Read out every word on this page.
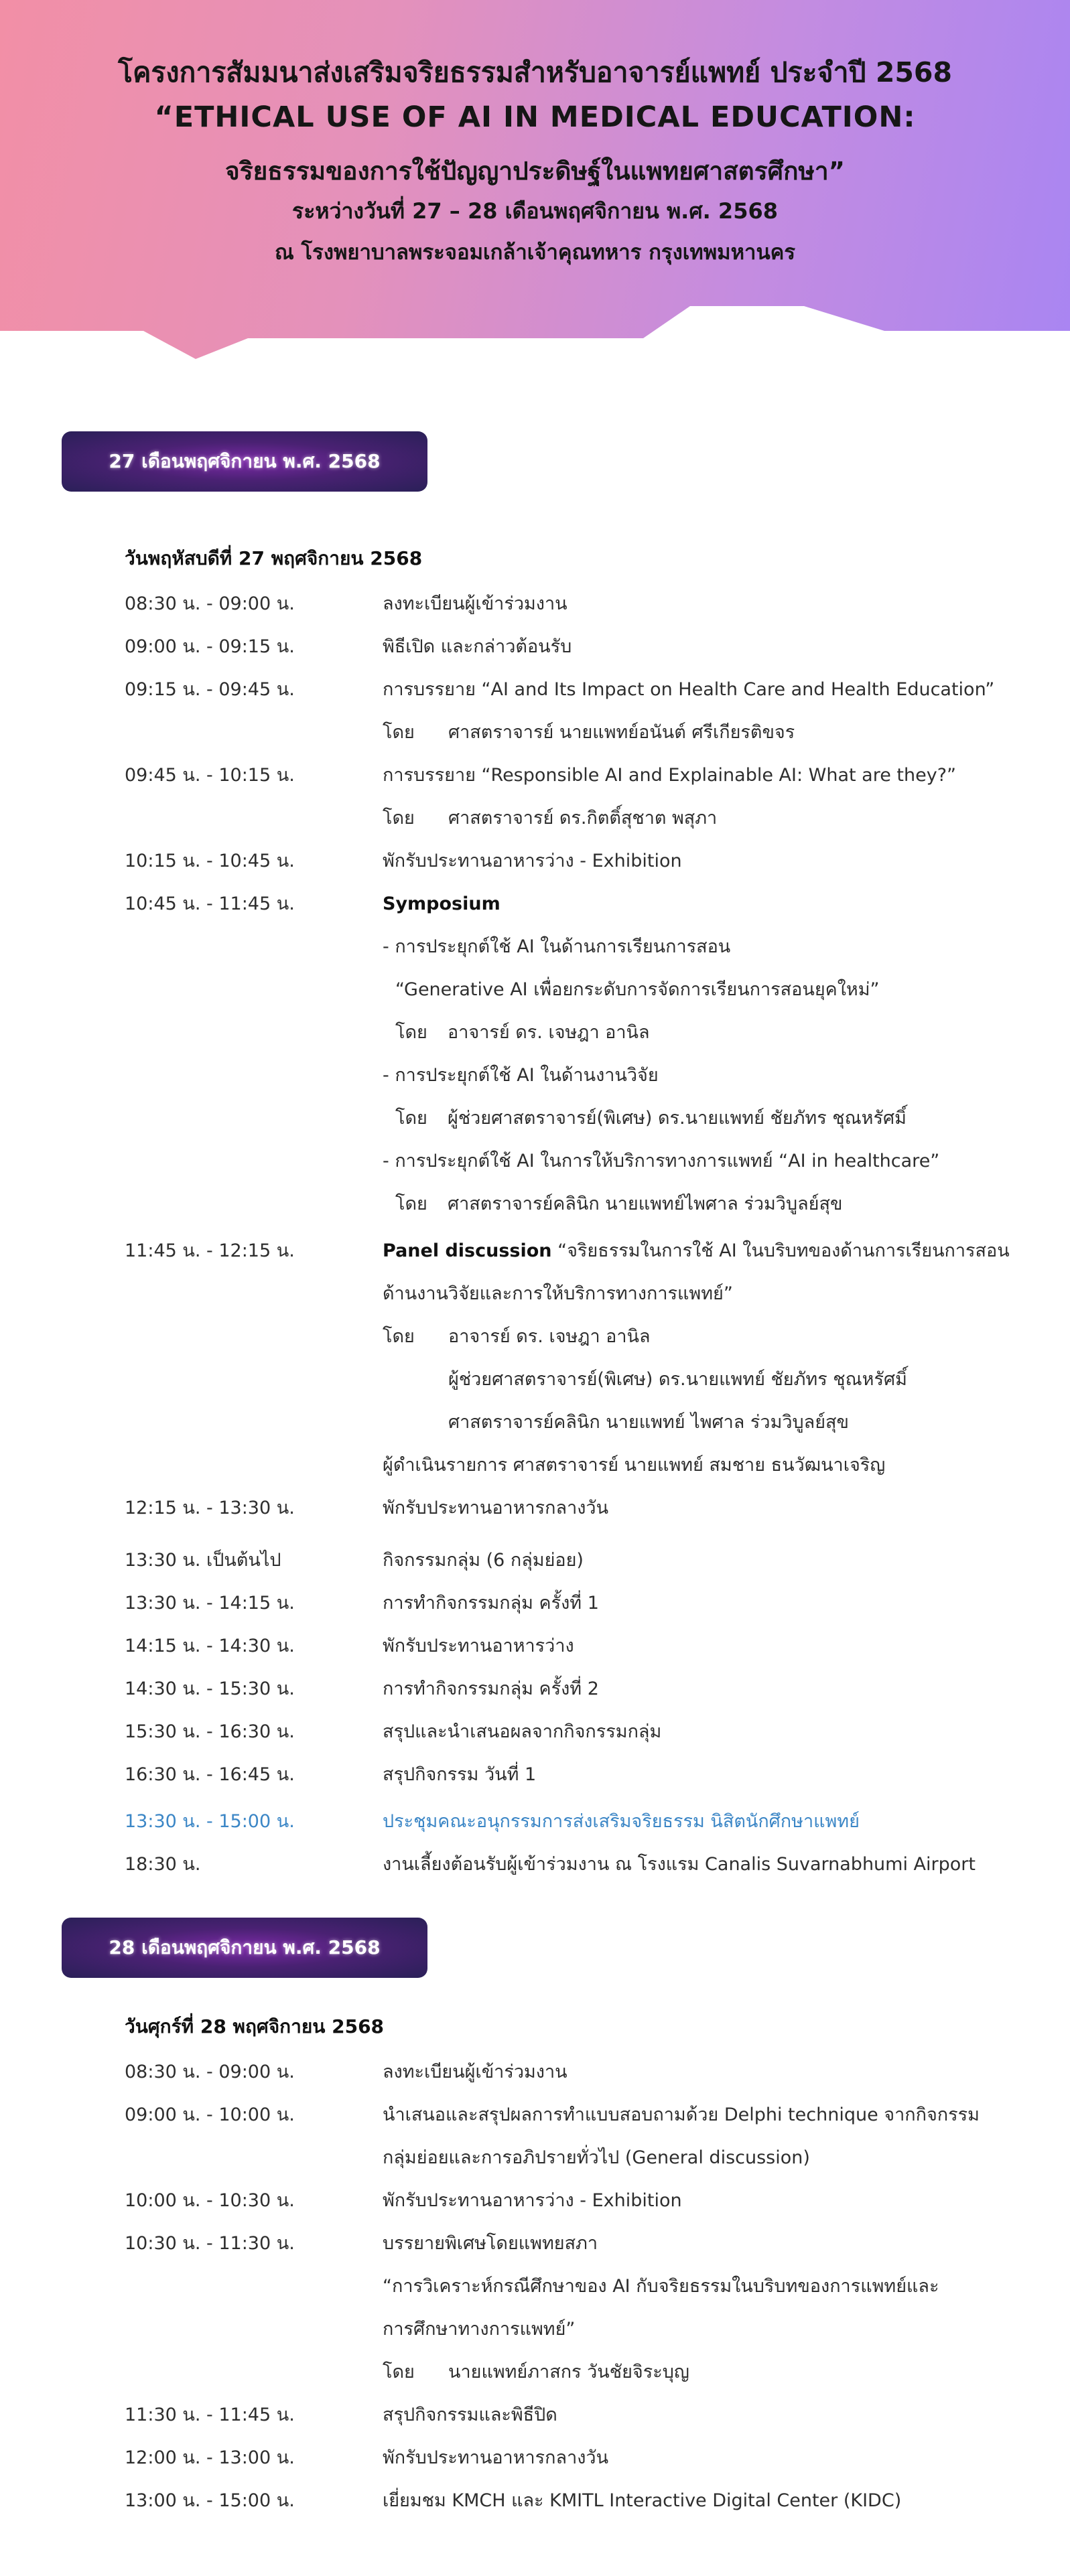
โครงการสัมมนาส่งเสริมจริยธรรมสำหรับอาจารย์แพทย์ ประจำปี 2568
“ETHICAL USE OF AI IN MEDICAL EDUCATION:
จริยธรรมของการใช้ปัญญาประดิษฐ์ในแพทยศาสตรศึกษา”
ระหว่างวันที่ 27 – 28 เดือนพฤศจิกายน พ.ศ. 2568
ณ โรงพยาบาลพระจอมเกล้าเจ้าคุณทหาร กรุงเทพมหานคร
27 เดือนพฤศจิกายน พ.ศ. 2568
วันพฤหัสบดีที่ 27 พฤศจิกายน 2568
08:30 น. - 09:00 น.	ลงทะเบียนผู้เข้าร่วมงาน
09:00 น. - 09:15 น.	พิธีเปิด และกล่าวต้อนรับ
09:15 น. - 09:45 น.	การบรรยาย “AI and Its Impact on Health Care and Health Education”
โดย ศาสตราจารย์ นายแพทย์อนันต์ ศรีเกียรติขจร
09:45 น. - 10:15 น.	การบรรยาย “Responsible AI and Explainable AI: What are they?”
โดย ศาสตราจารย์ ดร.กิตติ์สุชาต พสุภา
10:15 น. - 10:45 น.	พักรับประทานอาหารว่าง - Exhibition
10:45 น. - 11:45 น.	Symposium
- การประยุกต์ใช้ AI ในด้านการเรียนการสอน
“Generative AI เพื่อยกระดับการจัดการเรียนการสอนยุคใหม่”
โดย อาจารย์ ดร. เจษฎา อานิล
- การประยุกต์ใช้ AI ในด้านงานวิจัย
โดย ผู้ช่วยศาสตราจารย์(พิเศษ) ดร.นายแพทย์ ชัยภัทร ชุณหรัศมิ์
- การประยุกต์ใช้ AI ในการให้บริการทางการแพทย์ “AI in healthcare”
โดย ศาสตราจารย์คลินิก นายแพทย์ไพศาล ร่วมวิบูลย์สุข
11:45 น. - 12:15 น.	Panel discussion “จริยธรรมในการใช้ AI ในบริบทของด้านการเรียนการสอน
ด้านงานวิจัยและการให้บริการทางการแพทย์”
โดย อาจารย์ ดร. เจษฎา อานิล
ผู้ช่วยศาสตราจารย์(พิเศษ) ดร.นายแพทย์ ชัยภัทร ชุณหรัศมิ์
ศาสตราจารย์คลินิก นายแพทย์ ไพศาล ร่วมวิบูลย์สุข
ผู้ดำเนินรายการ ศาสตราจารย์ นายแพทย์ สมชาย ธนวัฒนาเจริญ
12:15 น. - 13:30 น.	พักรับประทานอาหารกลางวัน
13:30 น. เป็นต้นไป	กิจกรรมกลุ่ม (6 กลุ่มย่อย)
13:30 น. - 14:15 น.	การทำกิจกรรมกลุ่ม ครั้งที่ 1
14:15 น. - 14:30 น.	พักรับประทานอาหารว่าง
14:30 น. - 15:30 น.	การทำกิจกรรมกลุ่ม ครั้งที่ 2
15:30 น. - 16:30 น.	สรุปและนำเสนอผลจากกิจกรรมกลุ่ม
16:30 น. - 16:45 น.	สรุปกิจกรรม วันที่ 1
13:30 น. - 15:00 น.	ประชุมคณะอนุกรรมการส่งเสริมจริยธรรม นิสิตนักศึกษาแพทย์
18:30 น.	งานเลี้ยงต้อนรับผู้เข้าร่วมงาน ณ โรงแรม Canalis Suvarnabhumi Airport
28 เดือนพฤศจิกายน พ.ศ. 2568
วันศุกร์ที่ 28 พฤศจิกายน 2568
08:30 น. - 09:00 น.	ลงทะเบียนผู้เข้าร่วมงาน
09:00 น. - 10:00 น.	นำเสนอและสรุปผลการทำแบบสอบถามด้วย Delphi technique จากกิจกรรม
กลุ่มย่อยและการอภิปรายทั่วไป (General discussion)
10:00 น. - 10:30 น.	พักรับประทานอาหารว่าง - Exhibition
10:30 น. - 11:30 น.	บรรยายพิเศษโดยแพทยสภา
“การวิเคราะห์กรณีศึกษาของ AI กับจริยธรรมในบริบทของการแพทย์และ
การศึกษาทางการแพทย์”
โดย นายแพทย์ภาสกร วันชัยจิระบุญ
11:30 น. - 11:45 น.	สรุปกิจกรรมและพิธีปิด
12:00 น. - 13:00 น.	พักรับประทานอาหารกลางวัน
13:00 น. - 15:00 น.	เยี่ยมชม KMCH และ KMITL Interactive Digital Center (KIDC)
